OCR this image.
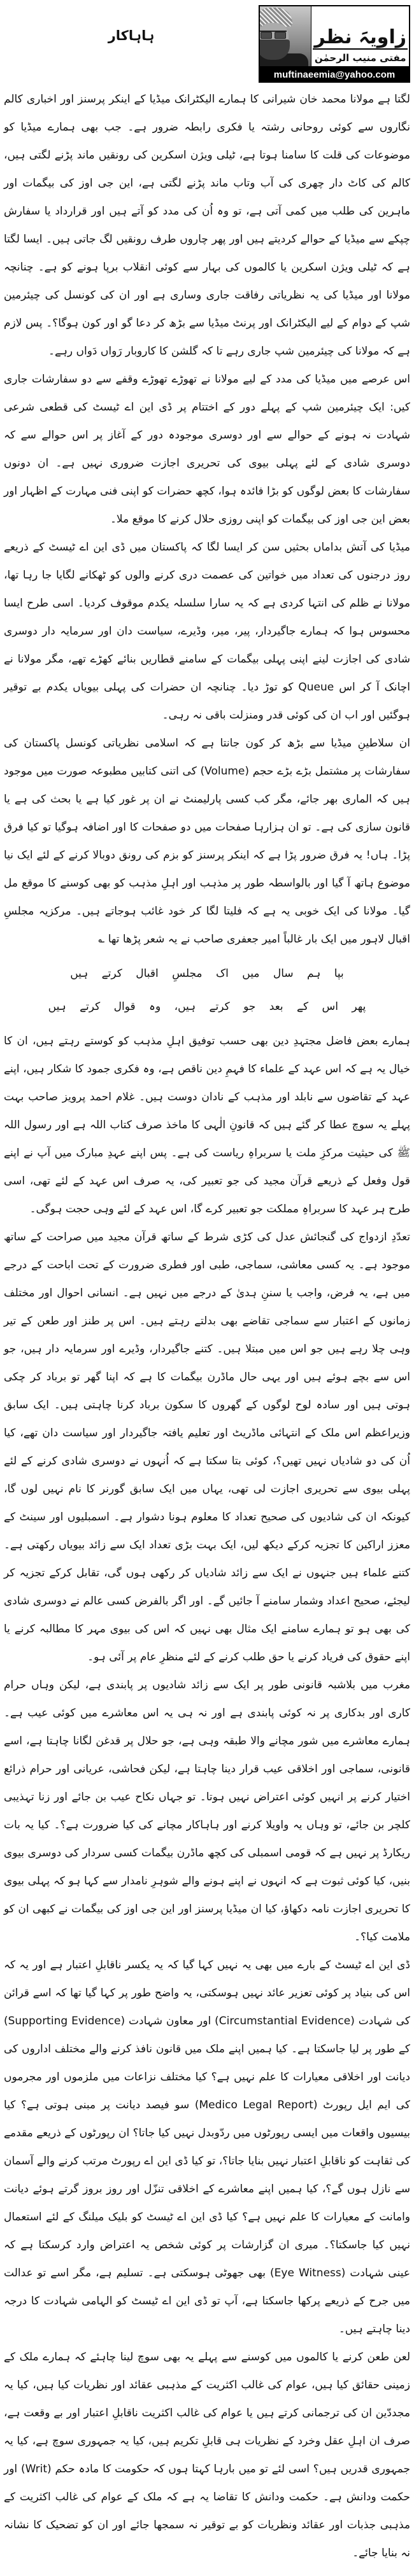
ہاہاکار	زاویہَ نظر
مفتی منیب الرحمٰن
muftinaeemia@yahoo.com

لگتا ہے مولانا محمد خان شیرانی کا ہمارے الیکٹرانک میڈیا کے اینکر پرسنز اور اخباری کالم نگاروں سے کوئی روحانی رشتہ یا فکری رابطہ ضرور ہے۔ جب بھی ہمارے میڈیا کو موضوعات کی قلت کا سامنا ہوتا ہے، ٹیلی ویژن اسکرین کی رونقیں ماند پڑنے لگتی ہیں، کالم کی کاٹ دار چھری کی آب وتاب ماند پڑنے لگتی ہے، این جی اوز کی بیگمات اور ماہرین کی طلب میں کمی آتی ہے، تو وہ اُن کی مدد کو آتے ہیں اور قرارداد یا سفارش چپکے سے میڈیا کے حوالے کردیتے ہیں اور پھر چاروں طرف رونقیں لگ جاتی ہیں۔ ایسا لگتا ہے کہ ٹیلی ویژن اسکرین یا کالموں کی بہار سے کوئی انقلاب برپا ہونے کو ہے۔ چنانچہ مولانا اور میڈیا کی یہ نظریاتی رفاقت جاری وساری ہے اور ان کی کونسل کی چیئرمین شپ کے دوام کے لیے الیکٹرانک اور پرنٹ میڈیا سے بڑھ کر دعا گو اور کون ہوگا؟۔ پس لازم ہے کہ مولانا کی چیئرمین شپ جاری رہے تا کہ گلشن کا کاروبار رَواں دَواں رہے۔

اس عرصے میں میڈیا کی مدد کے لیے مولانا نے تھوڑے تھوڑے وقفے سے دو سفارشات جاری کیں: ایک چیئرمین شپ کے پہلے دور کے اختتام پر ڈی این اے ٹیسٹ کی قطعی شرعی شہادت نہ ہونے کے حوالے سے اور دوسری موجودہ دور کے آغاز پر اس حوالے سے کہ دوسری شادی کے لئے پہلی بیوی کی تحریری اجازت ضروری نہیں ہے۔ ان دونوں سفارشات کا بعض لوگوں کو بڑا فائدہ ہوا، کچھ حضرات کو اپنی فنی مہارت کے اظہار اور بعض این جی اوز کی بیگمات کو اپنی روزی حلال کرنے کا موقع ملا۔

میڈیا کی آتش بداماں بحثیں سن کر ایسا لگا کہ پاکستان میں ڈی این اے ٹیسٹ کے ذریعے روز درجنوں کی تعداد میں خواتین کی عصمت دری کرنے والوں کو ٹھکانے لگایا جا رہا تھا، مولانا نے ظلم کی انتہا کردی ہے کہ یہ سارا سلسلہ یکدم موقوف کردیا۔ اسی طرح ایسا محسوس ہوا کہ ہمارے جاگیردار، پیر، میر، وڈیرے، سیاست دان اور سرمایہ دار دوسری شادی کی اجازت لینے اپنی پہلی بیگمات کے سامنے قطاریں بنائے کھڑے تھے، مگر مولانا نے اچانک آ کر اس Queue کو توڑ دیا۔ چنانچہ ان حضرات کی پہلی بیویاں یکدم بے توقیر ہوگئیں اور اب ان کی کوئی قدر ومنزلت باقی نہ رہی۔

ان سلاطینِ میڈیا سے بڑھ کر کون جانتا ہے کہ اسلامی نظریاتی کونسل پاکستان کی سفارشات پر مشتمل بڑے بڑے حجم (Volume) کی اتنی کتابیں مطبوعہ صورت میں موجود ہیں کہ الماری بھر جائے، مگر کب کسی پارلیمنٹ نے ان پر غور کیا ہے یا بحث کی ہے یا قانون سازی کی ہے۔ تو ان ہزارہا صفحات میں دو صفحات کا اور اضافہ ہوگیا تو کیا فرق پڑا۔ ہاں! یہ فرق ضرور پڑا ہے کہ اینکر پرسنز کو بزم کی رونق دوبالا کرنے کے لئے ایک نیا موضوع ہاتھ آ گیا اور بالواسطہ طور پر مذہب اور اہلِ مذہب کو بھی کوسنے کا موقع مل گیا۔ مولانا کی ایک خوبی یہ ہے کہ فلیتا لگا کر خود غائب ہوجاتے ہیں۔ مرکزیہ مجلسِ اقبال لاہور میں ایک بار غالباً امیر جعفری صاحب نے یہ شعر پڑھا تھا ؎

بپا ہم سال میں اک مجلسِ اقبال کرتے ہیں
پھر اس کے بعد جو کرتے ہیں، وہ قوال کرتے ہیں

ہمارے بعض فاضل مجتہدِ دین بھی حسب توفیق اہلِ مذہب کو کوستے رہتے ہیں، ان کا خیال یہ ہے کہ اس عہد کے علماء کا فہمِ دین ناقص ہے، وہ فکری جمود کا شکار ہیں، اپنے عہد کے تقاضوں سے نابلد اور مذہب کے نادان دوست ہیں۔ غلام احمد پرویز صاحب بہت پہلے یہ سوچ عطا کر گئے ہیں کہ قانونِ الٰہی کا ماخذ صرف کتاب اللہ ہے اور رسول اللہ ﷺ کی حیثیت مرکزِ ملت یا سربراہِ ریاست کی ہے۔ پس اپنے عہدِ مبارک میں آپ نے اپنے قول وفعل کے ذریعے قرآن مجید کی جو تعبیر کی، یہ صرف اس عہد کے لئے تھی، اسی طرح ہر عہد کا سربراہِ مملکت جو تعبیر کرے گا، اس عہد کے لئے وہی حجت ہوگی۔

تعدّدِ ازدواج کی گنجائش عدل کی کڑی شرط کے ساتھ قرآن مجید میں صراحت کے ساتھ موجود ہے۔ یہ کسی معاشی، سماجی، طبی اور فطری ضرورت کے تحت اباحت کے درجے میں ہے، یہ فرض، واجب یا سننِ ہدیٰ کے درجے میں نہیں ہے۔ انسانی احوال اور مختلف زمانوں کے اعتبار سے سماجی تقاضے بھی بدلتے رہتے ہیں۔ اس پر طنز اور طعن کے تیر وہی چلا رہے ہیں جو اس میں مبتلا ہیں۔ کتنے جاگیردار، وڈیرے اور سرمایہ دار ہیں، جو اس سے بچے ہوئے ہیں اور یہی حال ماڈرن بیگمات کا ہے کہ اپنا گھر تو برباد کر چکی ہوتی ہیں اور سادہ لوح لوگوں کے گھروں کا سکون برباد کرنا چاہتی ہیں۔ ایک سابق وزیراعظم اس ملک کے انتہائی ماڈریٹ اور تعلیم یافتہ جاگیردار اور سیاست دان تھے، کیا اُن کی دو شادیاں نہیں تھیں؟، کوئی بتا سکتا ہے کہ اُنہوں نے دوسری شادی کرنے کے لئے پہلی بیوی سے تحریری اجازت لی تھی، یہاں میں ایک سابق گورنر کا نام نہیں لوں گا، کیونکہ ان کی شادیوں کی صحیح تعداد کا معلوم ہونا دشوار ہے۔ اسمبلیوں اور سینٹ کے معزز اراکین کا تجزیہ کرکے دیکھ لیں، ایک بہت بڑی تعداد ایک سے زائد بیویاں رکھتی ہے۔ کتنے علماء ہیں جنہوں نے ایک سے زائد شادیاں کر رکھی ہوں گی، تقابل کرکے تجزیہ کر لیجئے، صحیح اعداد وشمار سامنے آ جائیں گے۔ اور اگر بالفرض کسی عالم نے دوسری شادی کی بھی ہو تو ہمارے سامنے ایک مثال بھی نہیں کہ اس کی بیوی مہر کا مطالبہ کرنے یا اپنے حقوق کی فریاد کرنے یا حق طلب کرنے کے لئے منظرِ عام پر آئی ہو۔

مغرب میں بلاشبہ قانونی طور پر ایک سے زائد شادیوں پر پابندی ہے، لیکن وہاں حرام کاری اور بدکاری پر نہ کوئی پابندی ہے اور نہ ہی یہ اس معاشرے میں کوئی عیب ہے۔ ہمارے معاشرے میں شور مچانے والا طبقہ وہی ہے، جو حلال پر قدغن لگانا چاہتا ہے، اسے قانونی، سماجی اور اخلاقی عیب قرار دینا چاہتا ہے، لیکن فحاشی، عریانی اور حرام ذرائع اختیار کرنے پر انہیں کوئی اعتراض نہیں ہوتا۔ تو جہاں نکاح عیب بن جائے اور زنا تہذیبی کلچر بن جائے، تو وہاں یہ واویلا کرنے اور ہاہاکار مچانے کی کیا ضرورت ہے؟۔ کیا یہ بات ریکارڈ پر نہیں ہے کہ قومی اسمبلی کی کچھ ماڈرن بیگمات کسی سردار کی دوسری بیوی بنیں، کیا کوئی ثبوت ہے کہ انہوں نے اپنے ہونے والے شوہرِ نامدار سے کہا ہو کہ پہلی بیوی کا تحریری اجازت نامہ دکھاؤ، کیا ان میڈیا پرسنز اور این جی اوز کی بیگمات نے کبھی ان کو ملامت کیا؟۔

ڈی این اے ٹیسٹ کے بارے میں بھی یہ نہیں کہا گیا کہ یہ یکسر ناقابلِ اعتبار ہے اور یہ کہ اس کی بنیاد پر کوئی تعزیر عائد نہیں ہوسکتی، یہ واضح طور پر کہا گیا تھا کہ اسے قرائن کی شہادت (Circumstantial Evidence) اور معاون شہادت (Supporting Evidence) کے طور پر لیا جاسکتا ہے۔ کیا ہمیں اپنے ملک میں قانون نافذ کرنے والے مختلف اداروں کی دیانت اور اخلاقی معیارات کا علم نہیں ہے؟ کیا مختلف نزاعات میں ملزموں اور مجرموں کی ایم ایل رپورٹ (Medico Legal Report) سو فیصد دیانت پر مبنی ہوتی ہے؟ کیا بیسیوں واقعات میں ایسی رپورٹوں میں ردّوبدل نہیں کیا جاتا؟ ان رپورٹوں کے ذریعے مقدمے کی ثقاہت کو ناقابلِ اعتبار نہیں بنایا جاتا؟، تو کیا ڈی این اے رپورٹ مرتب کرنے والے آسمان سے نازل ہوں گے؟، کیا ہمیں اپنے معاشرے کے اخلاقی تنزّل اور روز بروز گرتے ہوئے دیانت وامانت کے معیارات کا علم نہیں ہے؟ کیا ڈی این اے ٹیسٹ کو بلیک میلنگ کے لئے استعمال نہیں کیا جاسکتا؟۔ میری ان گزارشات پر کوئی شخص یہ اعتراض وارد کرسکتا ہے کہ عینی شہادت (Eye Witness) بھی جھوٹی ہوسکتی ہے۔ تسلیم ہے، مگر اسے تو عدالت میں جرح کے ذریعے پرکھا جاسکتا ہے، آپ تو ڈی این اے ٹیسٹ کو الہامی شہادت کا درجہ دینا چاہتے ہیں۔

لعن طعن کرنے یا کالموں میں کوسنے سے پہلے یہ بھی سوچ لینا چاہئے کہ ہمارے ملک کے زمینی حقائق کیا ہیں، عوام کی غالب اکثریت کے مذہبی عقائد اور نظریات کیا ہیں، کیا یہ مجددّین ان کی ترجمانی کرتے ہیں یا عوام کی غالب اکثریت ناقابلِ اعتبار اور بے وقعت ہے، صرف ان اہلِ عقل وخرد کے نظریات ہی قابلِ تکریم ہیں، کیا یہ جمہوری سوچ ہے، کیا یہ جمہوری قدریں ہیں؟ اسی لئے تو میں بارہا کہتا ہوں کہ حکومت کا مادہ حکم (Writ) اور حکمت ودانش ہے۔ حکمت ودانش کا تقاضا یہ ہے کہ ملک کے عوام کی غالب اکثریت کے مذہبی جذبات اور عقائد ونظریات کو بے توقیر نہ سمجھا جائے اور ان کو تضحیک کا نشانہ نہ بنایا جائے۔
